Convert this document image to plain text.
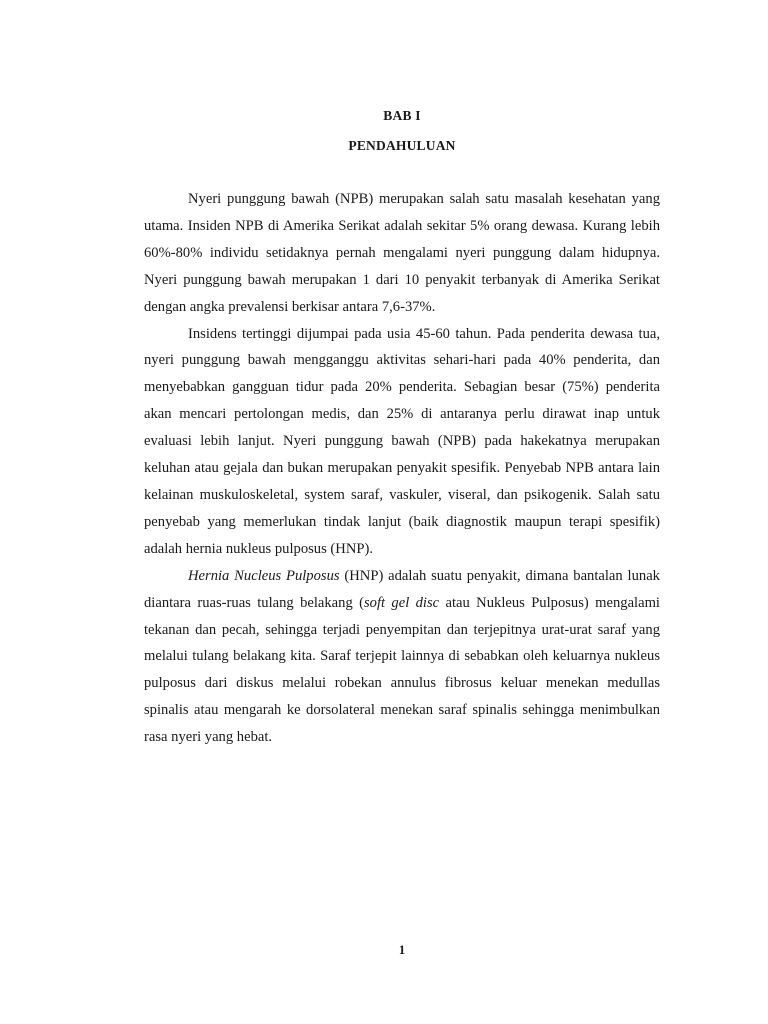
BAB I
PENDAHULUAN

Nyeri punggung bawah (NPB) merupakan salah satu masalah kesehatan yang utama. Insiden NPB di Amerika Serikat adalah sekitar 5% orang dewasa. Kurang lebih 60%-80% individu setidaknya pernah mengalami nyeri punggung dalam hidupnya. Nyeri punggung bawah merupakan 1 dari 10 penyakit terbanyak di Amerika Serikat dengan angka prevalensi berkisar antara 7,6-37%.

Insidens tertinggi dijumpai pada usia 45-60 tahun. Pada penderita dewasa tua, nyeri punggung bawah mengganggu aktivitas sehari-hari pada 40% penderita, dan menyebabkan gangguan tidur pada 20% penderita. Sebagian besar (75%) penderita akan mencari pertolongan medis, dan 25% di antaranya perlu dirawat inap untuk evaluasi lebih lanjut. Nyeri punggung bawah (NPB) pada hakekatnya merupakan keluhan atau gejala dan bukan merupakan penyakit spesifik. Penyebab NPB antara lain kelainan muskuloskeletal, system saraf, vaskuler, viseral, dan psikogenik. Salah satu penyebab yang memerlukan tindak lanjut (baik diagnostik maupun terapi spesifik) adalah hernia nukleus pulposus (HNP).

Hernia Nucleus Pulposus (HNP) adalah suatu penyakit, dimana bantalan lunak diantara ruas-ruas tulang belakang (soft gel disc atau Nukleus Pulposus) mengalami tekanan dan pecah, sehingga terjadi penyempitan dan terjepitnya urat-urat saraf yang melalui tulang belakang kita. Saraf terjepit lainnya di sebabkan oleh keluarnya nukleus pulposus dari diskus melalui robekan annulus fibrosus keluar menekan medullas spinalis atau mengarah ke dorsolateral menekan saraf spinalis sehingga menimbulkan rasa nyeri yang hebat.

1
